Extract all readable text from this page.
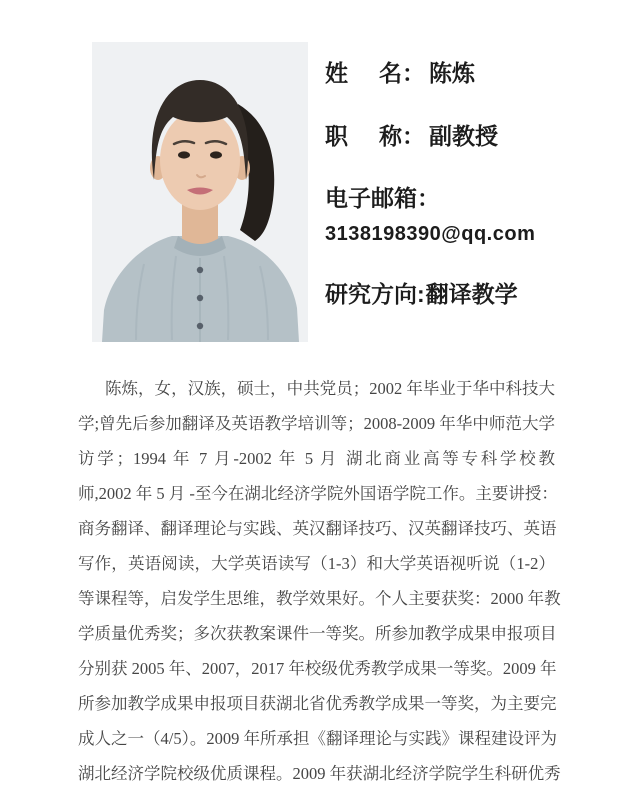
姓 名 ： 陈炼
职 称 ： 副教授
电子邮箱：
3138198390@qq.com
研究方向:翻译教学
陈炼，女，汉族，硕士，中共党员；2002 年毕业于华中科技大
学;曾先后参加翻译及英语教学培训等；2008-2009 年华中师范大学
访学；1994 年 7 月-2002 年 5 月 湖北商业高等专科学校教
师,2002 年 5 月 -至今在湖北经济学院外国语学院工作。主要讲授：
商务翻译、翻译理论与实践、英汉翻译技巧、汉英翻译技巧、英语
写作，英语阅读，大学英语读写（1-3）和大学英语视听说（1-2）
等课程等，启发学生思维，教学效果好。个人主要获奖：2000 年教
学质量优秀奖；多次获教案课件一等奖。所参加教学成果申报项目
分别获 2005 年、2007，2017 年校级优秀教学成果一等奖。2009 年
所参加教学成果申报项目获湖北省优秀教学成果一等奖，为主要完
成人之一（4/5）。2009 年所承担《翻译理论与实践》课程建设评为
湖北经济学院校级优质课程。2009 年获湖北经济学院学生科研优秀
